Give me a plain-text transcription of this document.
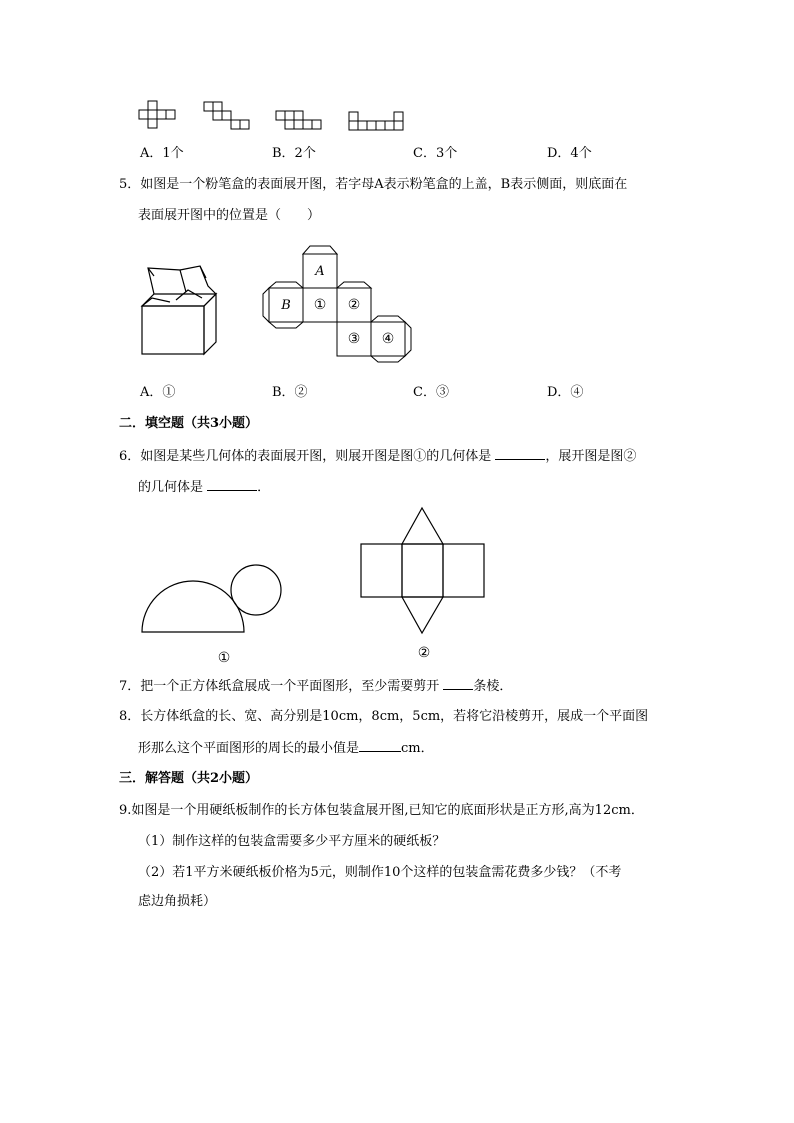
A．1个	B．2个	C．3个	D．4个
5．如图是一个粉笔盒的表面展开图，若字母A表示粉笔盒的上盖，B表示侧面，则底面在
表面展开图中的位置是（　　）
A
B ① ②
③ ④
A．①	B．②	C．③	D．④
二．填空题（共3小题）
6．如图是某些几何体的表面展开图，则展开图是图①的几何体是	，展开图是图②
的几何体是	．
①	②
7．把一个正方体纸盒展成一个平面图形，至少需要剪开	条棱．
8．长方体纸盒的长、宽、高分别是10cm，8cm，5cm，若将它沿棱剪开，展成一个平面图
形那么这个平面图形的周长的最小值是	cm．
三．解答题（共2小题）
9.如图是一个用硬纸板制作的长方体包装盒展开图,已知它的底面形状是正方形,高为12cm．
（1）制作这样的包装盒需要多少平方厘米的硬纸板？
（2）若1平方米硬纸板价格为5元，则制作10个这样的包装盒需花费多少钱？（不考
虑边角损耗）
